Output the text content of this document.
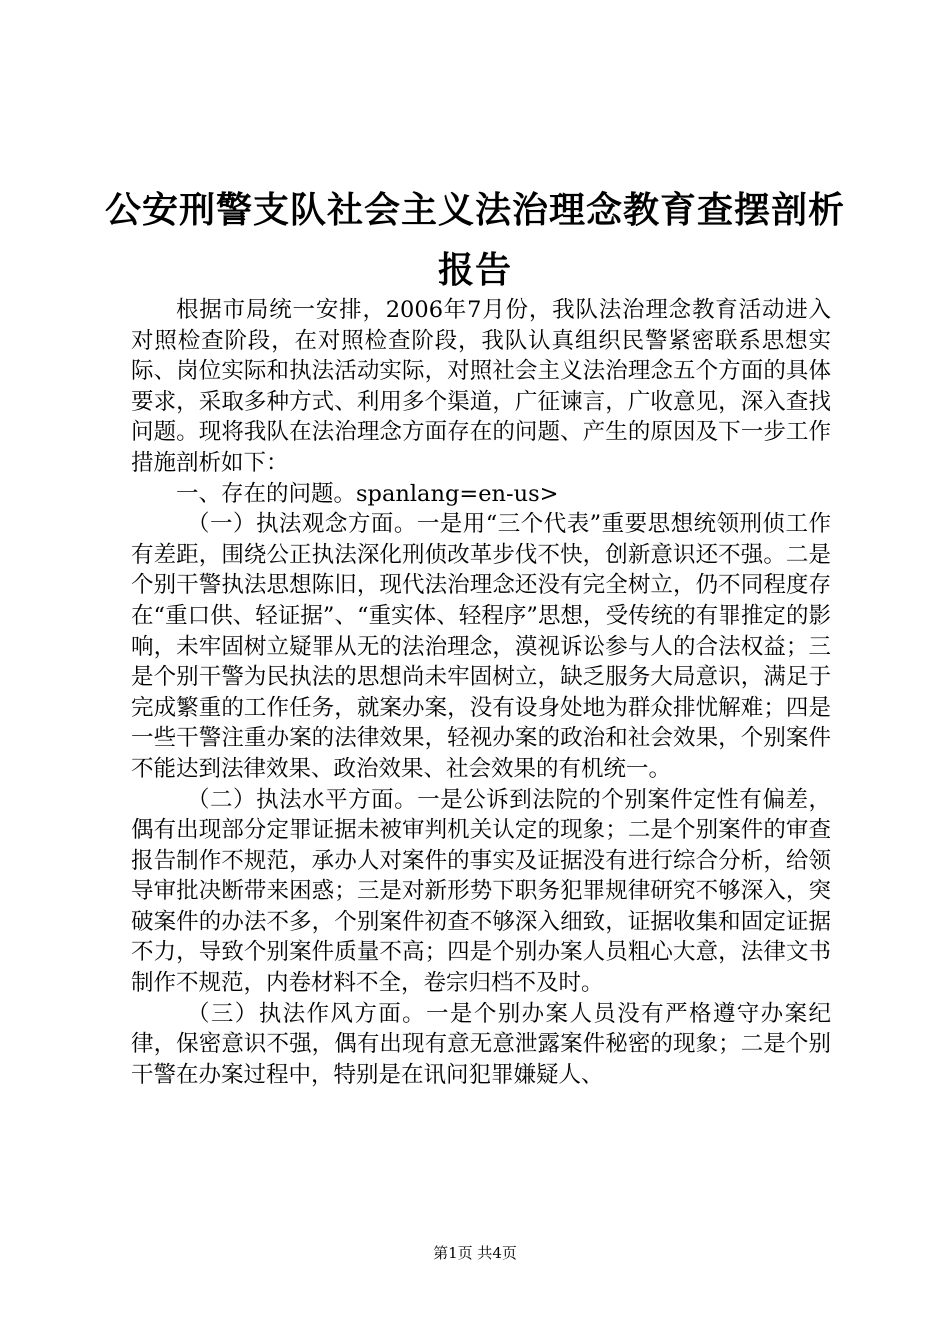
公安刑警支队社会主义法治理念教育查摆剖析
报告

根据市局统一安排，2006年7月份，我队法治理念教育活动进入对照检查阶段，在对照检查阶段，我队认真组织民警紧密联系思想实际、岗位实际和执法活动实际，对照社会主义法治理念五个方面的具体要求，采取多种方式、利用多个渠道，广征谏言，广收意见，深入查找问题。现将我队在法治理念方面存在的问题、产生的原因及下一步工作措施剖析如下：

一、存在的问题。spanlang=en-us>

（一）执法观念方面。一是用“三个代表”重要思想统领刑侦工作有差距，围绕公正执法深化刑侦改革步伐不快，创新意识还不强。二是个别干警执法思想陈旧，现代法治理念还没有完全树立，仍不同程度存在“重口供、轻证据”、“重实体、轻程序”思想，受传统的有罪推定的影响，未牢固树立疑罪从无的法治理念，漠视诉讼参与人的合法权益；三是个别干警为民执法的思想尚未牢固树立，缺乏服务大局意识，满足于完成繁重的工作任务，就案办案，没有设身处地为群众排忧解难；四是一些干警注重办案的法律效果，轻视办案的政治和社会效果，个别案件不能达到法律效果、政治效果、社会效果的有机统一。

（二）执法水平方面。一是公诉到法院的个别案件定性有偏差，偶有出现部分定罪证据未被审判机关认定的现象；二是个别案件的审查报告制作不规范，承办人对案件的事实及证据没有进行综合分析，给领导审批决断带来困惑；三是对新形势下职务犯罪规律研究不够深入，突破案件的办法不多，个别案件初查不够深入细致，证据收集和固定证据不力，导致个别案件质量不高；四是个别办案人员粗心大意，法律文书制作不规范，内卷材料不全，卷宗归档不及时。

（三）执法作风方面。一是个别办案人员没有严格遵守办案纪律，保密意识不强，偶有出现有意无意泄露案件秘密的现象；二是个别干警在办案过程中，特别是在讯问犯罪嫌疑人、

第1页 共4页
